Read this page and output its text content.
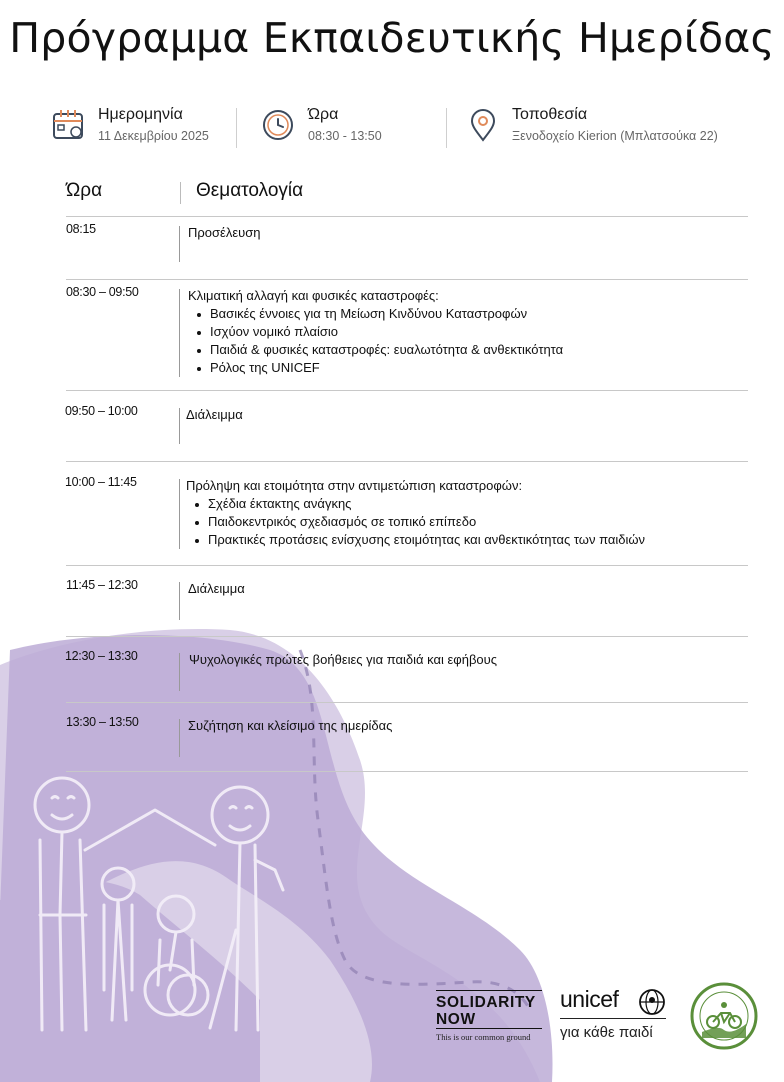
Πρόγραμμα Εκπαιδευτικής Ημερίδας
Ημερομηνία
11 Δεκεμβρίου 2025
Ώρα
08:30 - 13:50
Τοποθεσία
Ξενοδοχείο Kierion (Μπλατσούκα 22)
Ώρα	Θεματολογία
08:15	Προσέλευση
08:30 – 09:50	Κλιματική αλλαγή και φυσικές καταστροφές:
Βασικές έννοιες για τη Μείωση Κινδύνου Καταστροφών
Ισχύον νομικό πλαίσιο
Παιδιά & φυσικές καταστροφές: ευαλωτότητα & ανθεκτικότητα
Ρόλος της UNICEF
09:50 – 10:00	Διάλειμμα
10:00 – 11:45	Πρόληψη και ετοιμότητα στην αντιμετώπιση καταστροφών:
Σχέδια έκτακτης ανάγκης
Παιδοκεντρικός σχεδιασμός σε τοπικό επίπεδο
Πρακτικές προτάσεις ενίσχυσης ετοιμότητας και ανθεκτικότητας των παιδιών
11:45 – 12:30	Διάλειμμα
12:30 – 13:30	Ψυχολογικές πρώτες βοήθειες για παιδιά και εφήβους
13:30 – 13:50	Συζήτηση και κλείσιμο της ημερίδας
SOLIDARITY
NOW
This is our common ground
unicef
για κάθε παιδί
